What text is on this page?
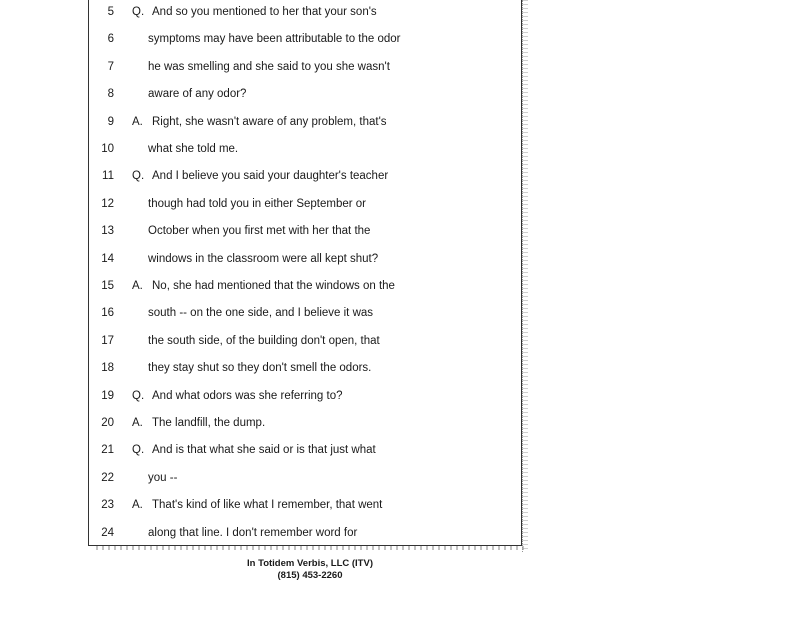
5 Q. And so you mentioned to her that your son's
6	symptoms may have been attributable to the odor
7	he was smelling and she said to you she wasn't
8	aware of any odor?
9 A. Right, she wasn't aware of any problem, that's
10	what she told me.
11 Q. And I believe you said your daughter's teacher
12	though had told you in either September or
13	October when you first met with her that the
14	windows in the classroom were all kept shut?
15 A. No, she had mentioned that the windows on the
16	south -- on the one side, and I believe it was
17	the south side, of the building don't open, that
18	they stay shut so they don't smell the odors.
19 Q. And what odors was she referring to?
20 A. The landfill, the dump.
21 Q. And is that what she said or is that just what
22	you --
23 A. That's kind of like what I remember, that went
24	along that line. I don't remember word for
In Totidem Verbis, LLC (ITV)
(815) 453-2260
